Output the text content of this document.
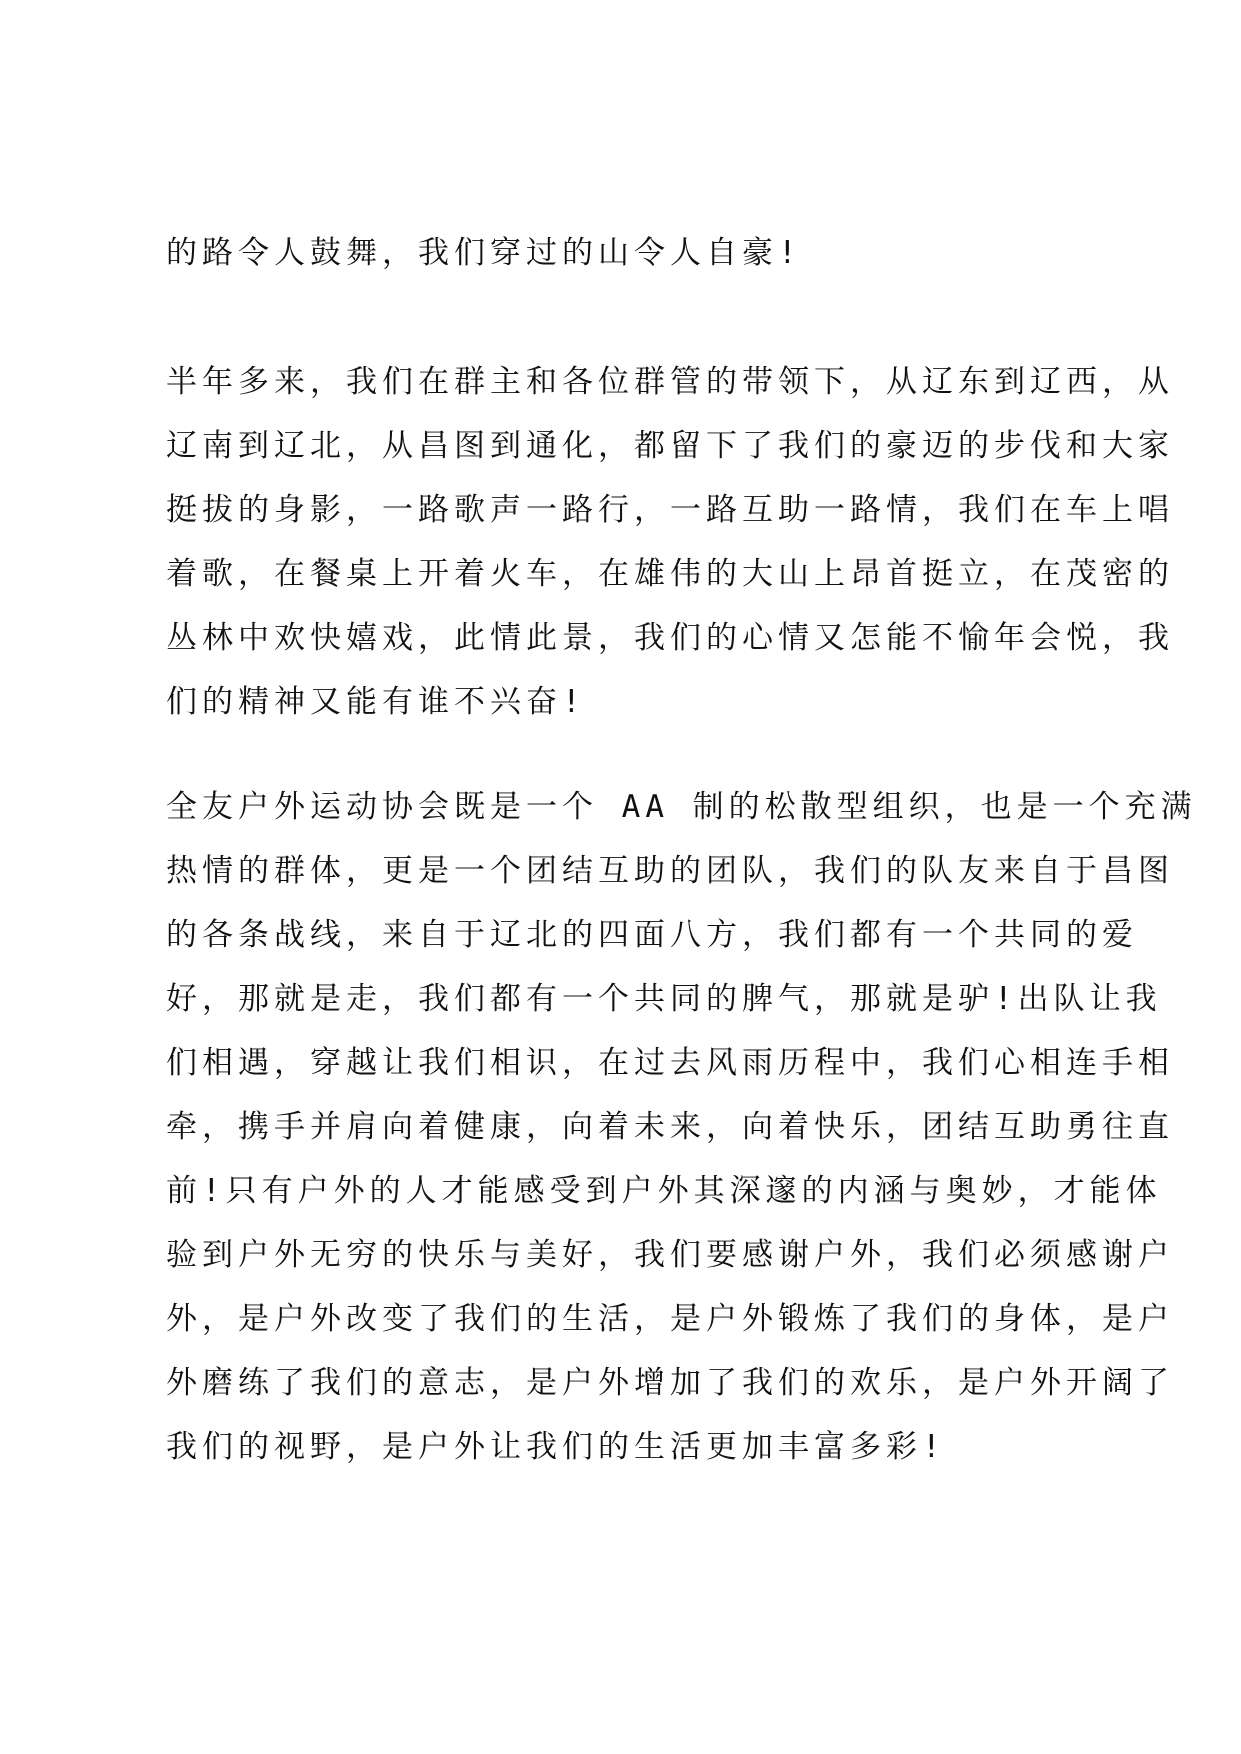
的路令人鼓舞，我们穿过的山令人自豪!
半年多来，我们在群主和各位群管的带领下，从辽东到辽西，从
辽南到辽北，从昌图到通化，都留下了我们的豪迈的步伐和大家
挺拔的身影，一路歌声一路行，一路互助一路情，我们在车上唱
着歌，在餐桌上开着火车，在雄伟的大山上昂首挺立，在茂密的
丛林中欢快嬉戏，此情此景，我们的心情又怎能不愉年会悦，我
们的精神又能有谁不兴奋!
全友户外运动协会既是一个 AA 制的松散型组织，也是一个充满
热情的群体，更是一个团结互助的团队，我们的队友来自于昌图
的各条战线，来自于辽北的四面八方，我们都有一个共同的爱
好，那就是走，我们都有一个共同的脾气，那就是驴!出队让我
们相遇，穿越让我们相识，在过去风雨历程中，我们心相连手相
牵，携手并肩向着健康，向着未来，向着快乐，团结互助勇往直
前!只有户外的人才能感受到户外其深邃的内涵与奥妙，才能体
验到户外无穷的快乐与美好，我们要感谢户外，我们必须感谢户
外，是户外改变了我们的生活，是户外锻炼了我们的身体，是户
外磨练了我们的意志，是户外增加了我们的欢乐，是户外开阔了
我们的视野，是户外让我们的生活更加丰富多彩!
